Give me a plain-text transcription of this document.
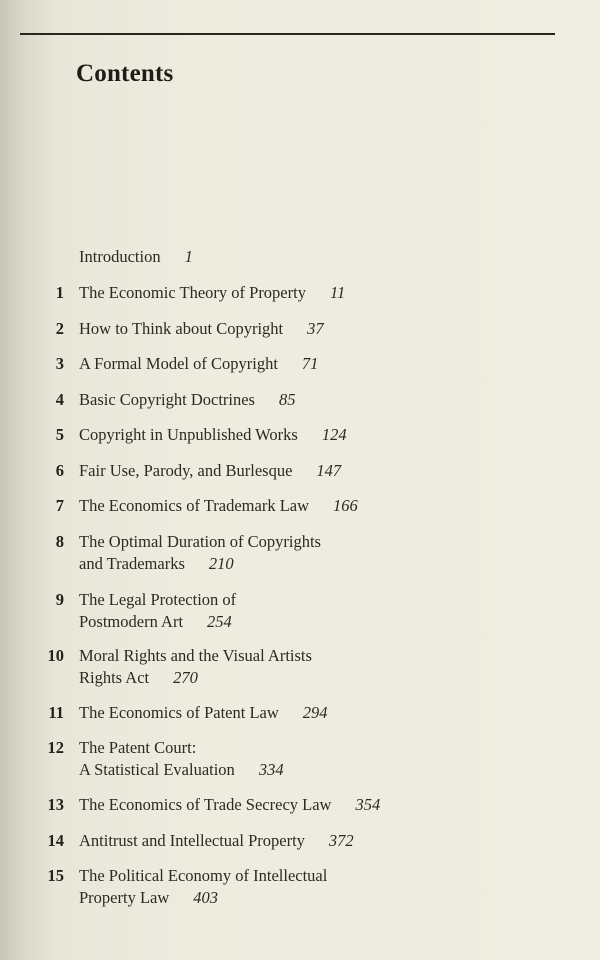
Contents
Introduction 1
1 The Economic Theory of Property 11
2 How to Think about Copyright 37
3 A Formal Model of Copyright 71
4 Basic Copyright Doctrines 85
5 Copyright in Unpublished Works 124
6 Fair Use, Parody, and Burlesque 147
7 The Economics of Trademark Law 166
8 The Optimal Duration of Copyrights
and Trademarks 210
9 The Legal Protection of
Postmodern Art 254
10 Moral Rights and the Visual Artists
Rights Act 270
11 The Economics of Patent Law 294
12 The Patent Court:
A Statistical Evaluation 334
13 The Economics of Trade Secrecy Law 354
14 Antitrust and Intellectual Property 372
15 The Political Economy of Intellectual
Property Law 403
